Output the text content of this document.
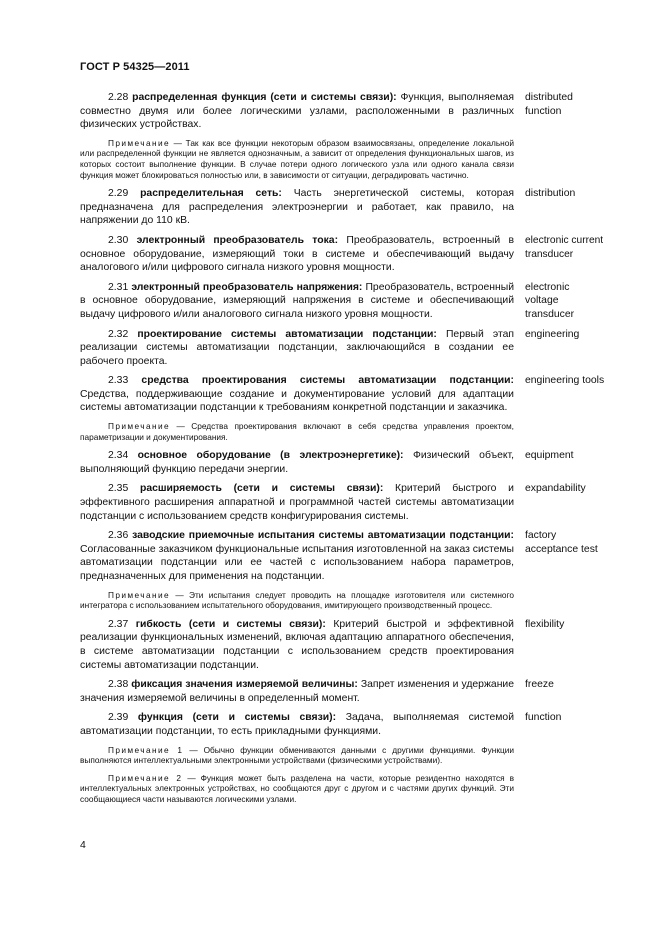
ГОСТ Р 54325—2011
2.28 распределенная функция (сети и системы связи): Функция, выполняемая совместно двумя или более логическими узлами, расположенными в различных физических устройствах.
distributed
function
Примечание — Так как все функции некоторым образом взаимосвязаны, определение локальной или распределенной функции не является однозначным, а зависит от определения функциональных шагов, из которых состоит выполнение функции. В случае потери одного логического узла или одного канала связи функция может блокироваться полностью или, в зависимости от ситуации, деградировать частично.
2.29 распределительная сеть: Часть энергетической системы, которая предназначена для распределения электроэнергии и работает, как правило, на напряжении до 110 кВ.
distribution
2.30 электронный преобразователь тока: Преобразователь, встроенный в основное оборудование, измеряющий токи в системе и обеспечивающий выдачу аналогового и/или цифрового сигнала низкого уровня мощности.
electronic current
transducer
2.31 электронный преобразователь напряжения: Преобразователь, встроенный в основное оборудование, измеряющий напряжения в системе и обеспечивающий выдачу цифрового и/или аналогового сигнала низкого уровня мощности.
electronic
voltage
transducer
2.32 проектирование системы автоматизации подстанции: Первый этап реализации системы автоматизации подстанции, заключающийся в создании ее рабочего проекта.
engineering
2.33 средства проектирования системы автоматизации подстанции: Средства, поддерживающие создание и документирование условий для адаптации системы автоматизации подстанции к требованиям конкретной подстанции и заказчика.
engineering tools
Примечание — Средства проектирования включают в себя средства управления проектом, параметризации и документирования.
2.34 основное оборудование (в электроэнергетике): Физический объект, выполняющий функцию передачи энергии.
equipment
2.35 расширяемость (сети и системы связи): Критерий быстрого и эффективного расширения аппаратной и программной частей системы автоматизации подстанции с использованием средств конфигурирования системы.
expandability
2.36 заводские приемочные испытания системы автоматизации подстанции: Согласованные заказчиком функциональные испытания изготовленной на заказ системы автоматизации подстанции или ее частей с использованием набора параметров, предназначенных для применения на подстанции.
factory
acceptance test
Примечание — Эти испытания следует проводить на площадке изготовителя или системного интегратора с использованием испытательного оборудования, имитирующего производственный процесс.
2.37 гибкость (сети и системы связи): Критерий быстрой и эффективной реализации функциональных изменений, включая адаптацию аппаратного обеспечения, в системе автоматизации подстанции с использованием средств проектирования системы автоматизации подстанции.
flexibility
2.38 фиксация значения измеряемой величины: Запрет изменения и удержание значения измеряемой величины в определенный момент.
freeze
2.39 функция (сети и системы связи): Задача, выполняемая системой автоматизации подстанции, то есть прикладными функциями.
function
Примечание 1 — Обычно функции обмениваются данными с другими функциями. Функции выполняются интеллектуальными электронными устройствами (физическими устройствами).
Примечание 2 — Функция может быть разделена на части, которые резидентно находятся в интеллектуальных электронных устройствах, но сообщаются друг с другом и с частями других функций. Эти сообщающиеся части называются логическими узлами.
4
